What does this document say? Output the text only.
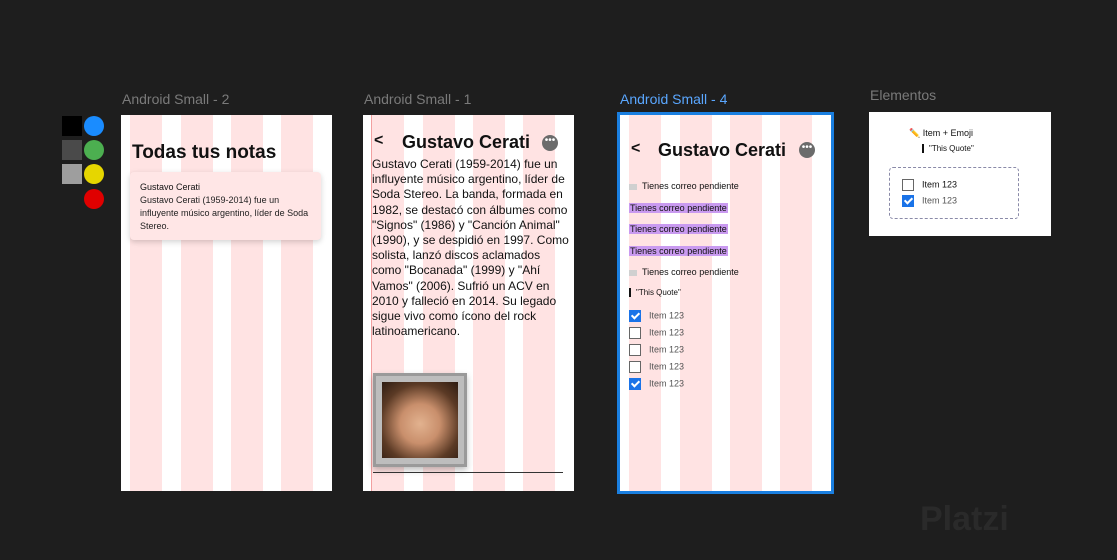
Android Small - 2	Android Small - 1	Android Small - 4	Elementos
Todas tus notas
Gustavo Cerati
Gustavo Cerati (1959-2014) fue un influyente músico argentino, líder de Soda Stereo.
< Gustavo Cerati •••
Gustavo Cerati (1959-2014) fue un influyente músico argentino, líder de Soda Stereo. La banda, formada en 1982, se destacó con álbumes como "Signos" (1986) y "Canción Animal" (1990), y se despidió en 1997. Como solista, lanzó discos aclamados como "Bocanada" (1999) y "Ahí Vamos" (2006). Sufrió un ACV en 2010 y falleció en 2014. Su legado sigue vivo como ícono del rock latinoamericano.
< Gustavo Cerati •••
Tienes correo pendiente
Tienes correo pendiente
Tienes correo pendiente
Tienes correo pendiente
Tienes correo pendiente
"This Quote"
Item 123
Item 123
Item 123
Item 123
Item 123
✏️ Item + Emoji
"This Quote"
Item 123
Item 123
Platzi
